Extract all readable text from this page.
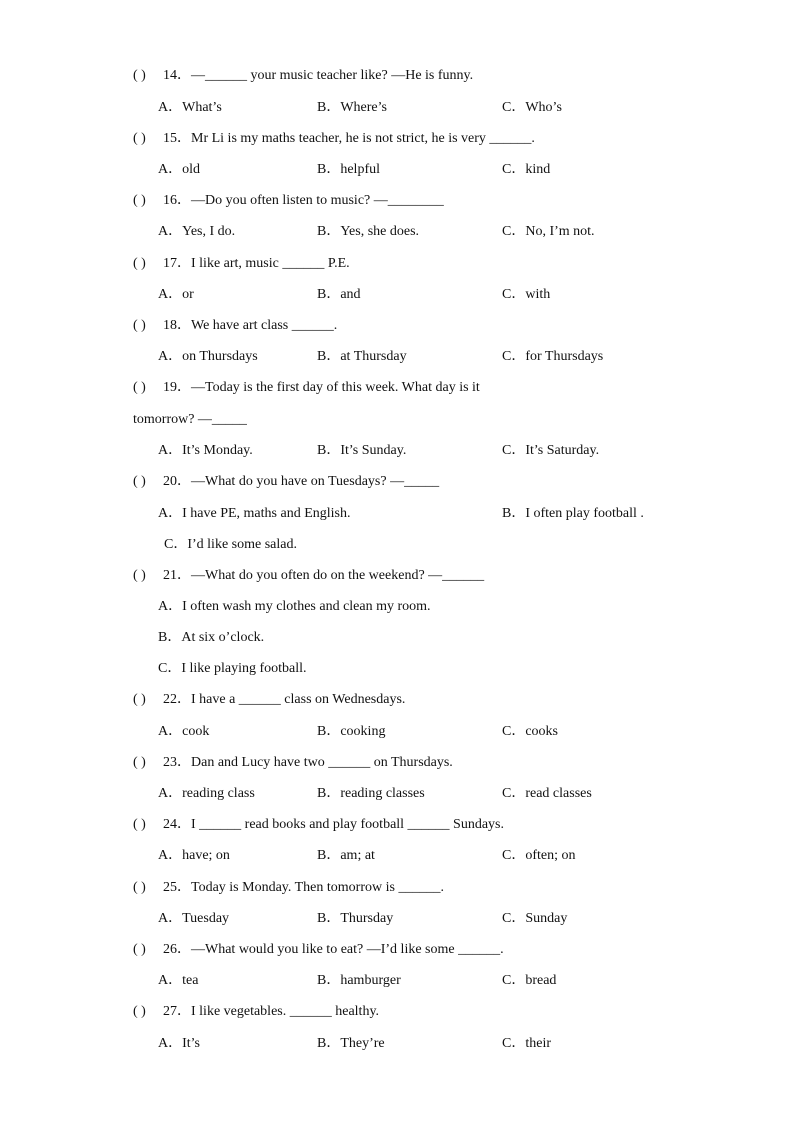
( ) 14．—______ your music teacher like? —He is funny.
A．What’s	B．Where’s	C．Who’s
( ) 15．Mr Li is my maths teacher, he is not strict, he is very ______.
A．old	B．helpful	C．kind
( ) 16．—Do you often listen to music? —________
A．Yes, I do.	B．Yes, she does.	C．No, I’m not.
( ) 17．I like art, music ______ P.E.
A．or	B．and	C．with
( ) 18．We have art class ______.
A．on Thursdays	B．at Thursday	C．for Thursdays
( ) 19．—Today is the first day of this week. What day is it
tomorrow? —_____
A．It’s Monday.	B．It’s Sunday.	C．It’s Saturday.
( ) 20．—What do you have on Tuesdays? —_____
A．I have PE, maths and English.	B．I often play football .
C．I’d like some salad.
( ) 21．—What do you often do on the weekend? —______
A．I often wash my clothes and clean my room.
B．At six o’clock.
C．I like playing football.
( ) 22．I have a ______ class on Wednesdays.
A．cook	B．cooking	C．cooks
( ) 23．Dan and Lucy have two ______ on Thursdays.
A．reading class	B．reading classes	C．read classes
( ) 24．I ______ read books and play football ______ Sundays.
A．have; on	B．am; at	C．often; on
( ) 25．Today is Monday. Then tomorrow is ______.
A．Tuesday	B．Thursday	C．Sunday
( ) 26．—What would you like to eat? —I’d like some ______.
A．tea	B．hamburger	C．bread
( ) 27．I like vegetables. ______ healthy.
A．It’s	B．They’re	C．their
